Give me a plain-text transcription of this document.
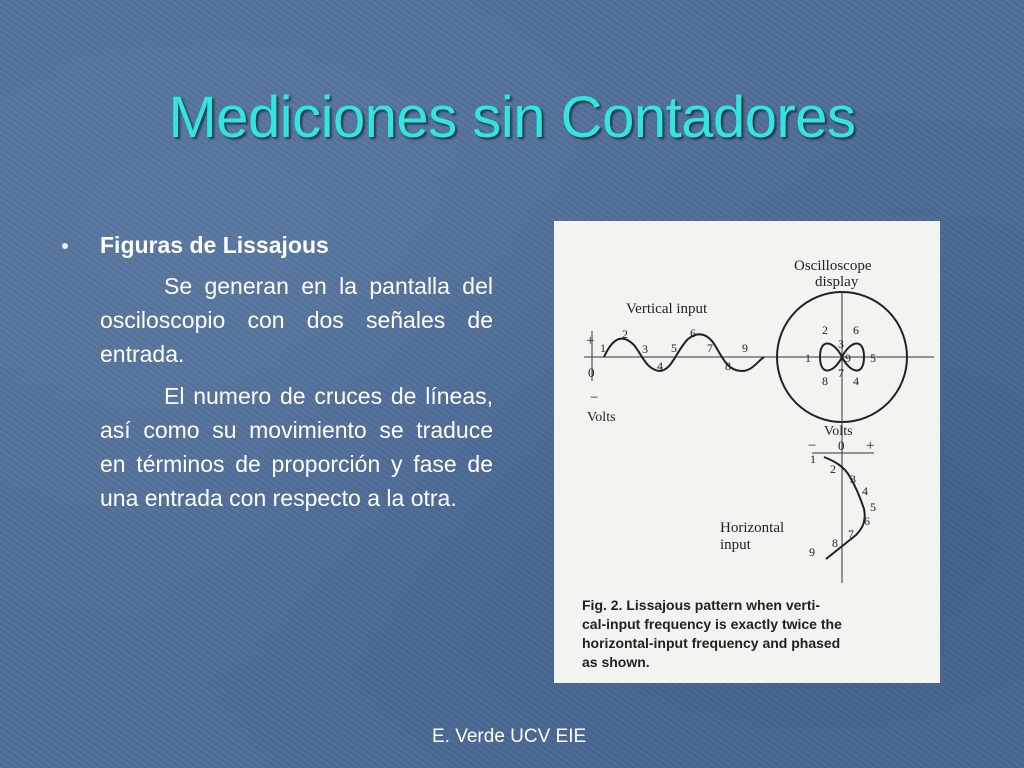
Mediciones sin Contadores
Figuras de Lissajous
Se generan en la pantalla del osciloscopio con dos señales de entrada.
El numero de cruces de líneas, así como su movimiento se traduce en términos de proporción y fase de una entrada con respecto a la otra.
Oscilloscope
display
Vertical input
+
0
−
Volts
1
2
3
4
5
6
7
8
9
1
2
3
4
5
6
7
8
9
Volts
− 0 +
1
2
3
4
5
6
7
8
9
Horizontal
input
Fig. 2. Lissajous pattern when verti-
cal-input frequency is exactly twice the
horizontal-input frequency and phased
as shown.
E. Verde UCV EIE
